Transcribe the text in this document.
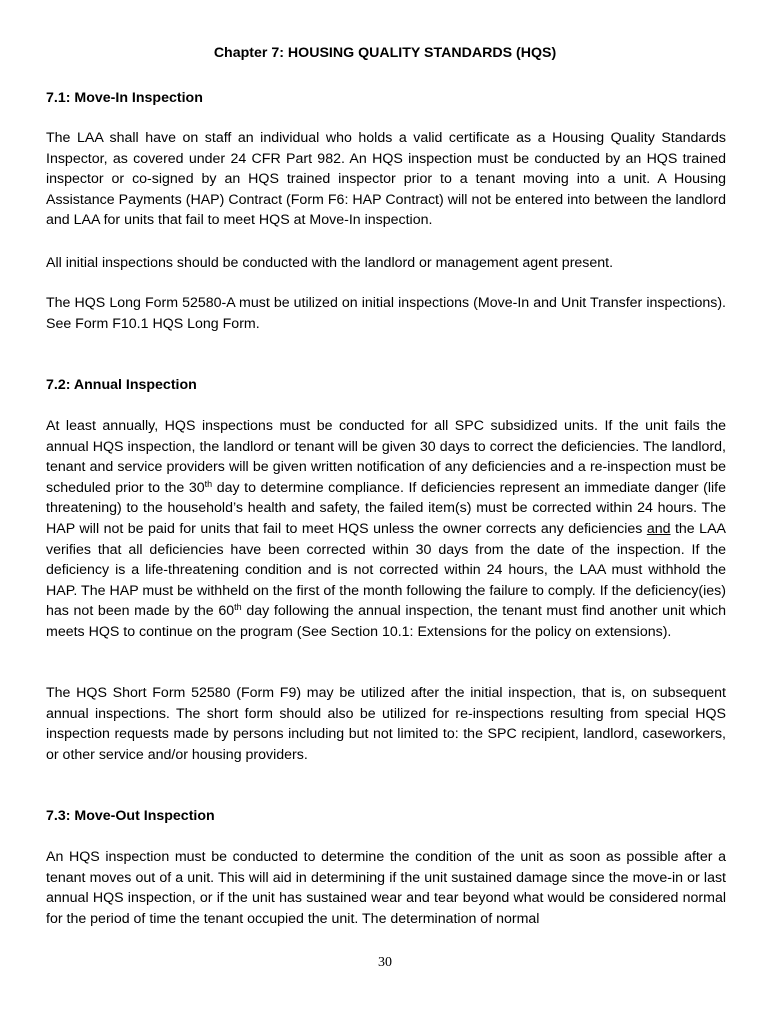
Chapter 7: HOUSING QUALITY STANDARDS (HQS)

7.1: Move-In Inspection

The LAA shall have on staff an individual who holds a valid certificate as a Housing Quality Standards Inspector, as covered under 24 CFR Part 982. An HQS inspection must be conducted by an HQS trained inspector or co-signed by an HQS trained inspector prior to a tenant moving into a unit. A Housing Assistance Payments (HAP) Contract (Form F6: HAP Contract) will not be entered into between the landlord and LAA for units that fail to meet HQS at Move-In inspection.

All initial inspections should be conducted with the landlord or management agent present.

The HQS Long Form 52580-A must be utilized on initial inspections (Move-In and Unit Transfer inspections). See Form F10.1 HQS Long Form.

7.2: Annual Inspection

At least annually, HQS inspections must be conducted for all SPC subsidized units. If the unit fails the annual HQS inspection, the landlord or tenant will be given 30 days to correct the deficiencies. The landlord, tenant and service providers will be given written notification of any deficiencies and a re-inspection must be scheduled prior to the 30th day to determine compliance. If deficiencies represent an immediate danger (life threatening) to the household’s health and safety, the failed item(s) must be corrected within 24 hours. The HAP will not be paid for units that fail to meet HQS unless the owner corrects any deficiencies and the LAA verifies that all deficiencies have been corrected within 30 days from the date of the inspection. If the deficiency is a life-threatening condition and is not corrected within 24 hours, the LAA must withhold the HAP. The HAP must be withheld on the first of the month following the failure to comply. If the deficiency(ies) has not been made by the 60th day following the annual inspection, the tenant must find another unit which meets HQS to continue on the program (See Section 10.1: Extensions for the policy on extensions).

The HQS Short Form 52580 (Form F9) may be utilized after the initial inspection, that is, on subsequent annual inspections. The short form should also be utilized for re-inspections resulting from special HQS inspection requests made by persons including but not limited to: the SPC recipient, landlord, caseworkers, or other service and/or housing providers.

7.3: Move-Out Inspection

An HQS inspection must be conducted to determine the condition of the unit as soon as possible after a tenant moves out of a unit. This will aid in determining if the unit sustained damage since the move-in or last annual HQS inspection, or if the unit has sustained wear and tear beyond what would be considered normal for the period of time the tenant occupied the unit. The determination of normal

30
